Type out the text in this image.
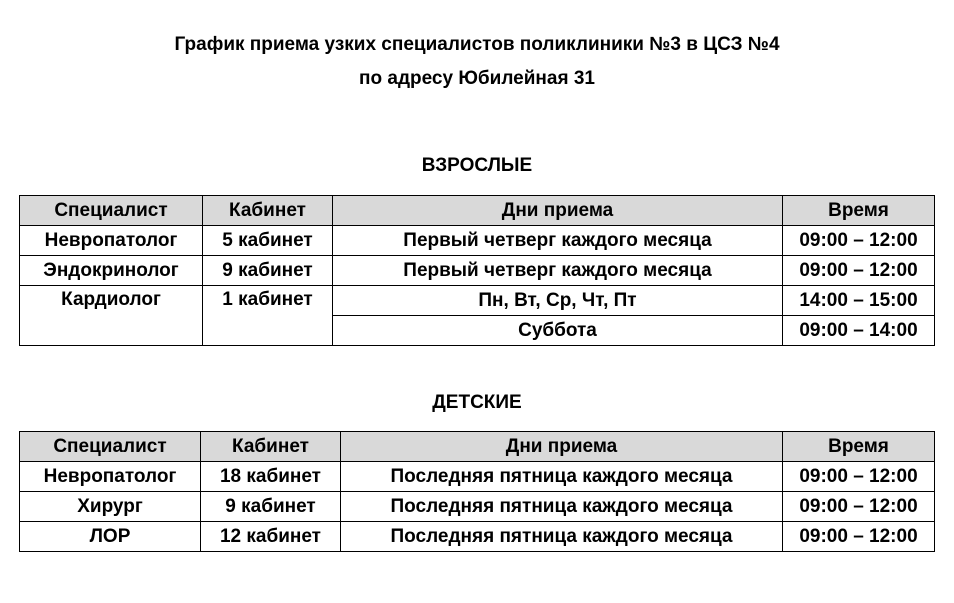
График приема узких специалистов поликлиники №3 в ЦСЗ №4
по адресу Юбилейная 31
ВЗРОСЛЫЕ
Специалист	Кабинет	Дни приема	Время
Невропатолог	5 кабинет	Первый четверг каждого месяца	09:00 – 12:00
Эндокринолог	9 кабинет	Первый четверг каждого месяца	09:00 – 12:00
Кардиолог	1 кабинет	Пн, Вт, Ср, Чт, Пт	14:00 – 15:00
		Суббота	09:00 – 14:00
ДЕТСКИЕ
Специалист	Кабинет	Дни приема	Время
Невропатолог	18 кабинет	Последняя пятница каждого месяца	09:00 – 12:00
Хирург	9 кабинет	Последняя пятница каждого месяца	09:00 – 12:00
ЛОР	12 кабинет	Последняя пятница каждого месяца	09:00 – 12:00
